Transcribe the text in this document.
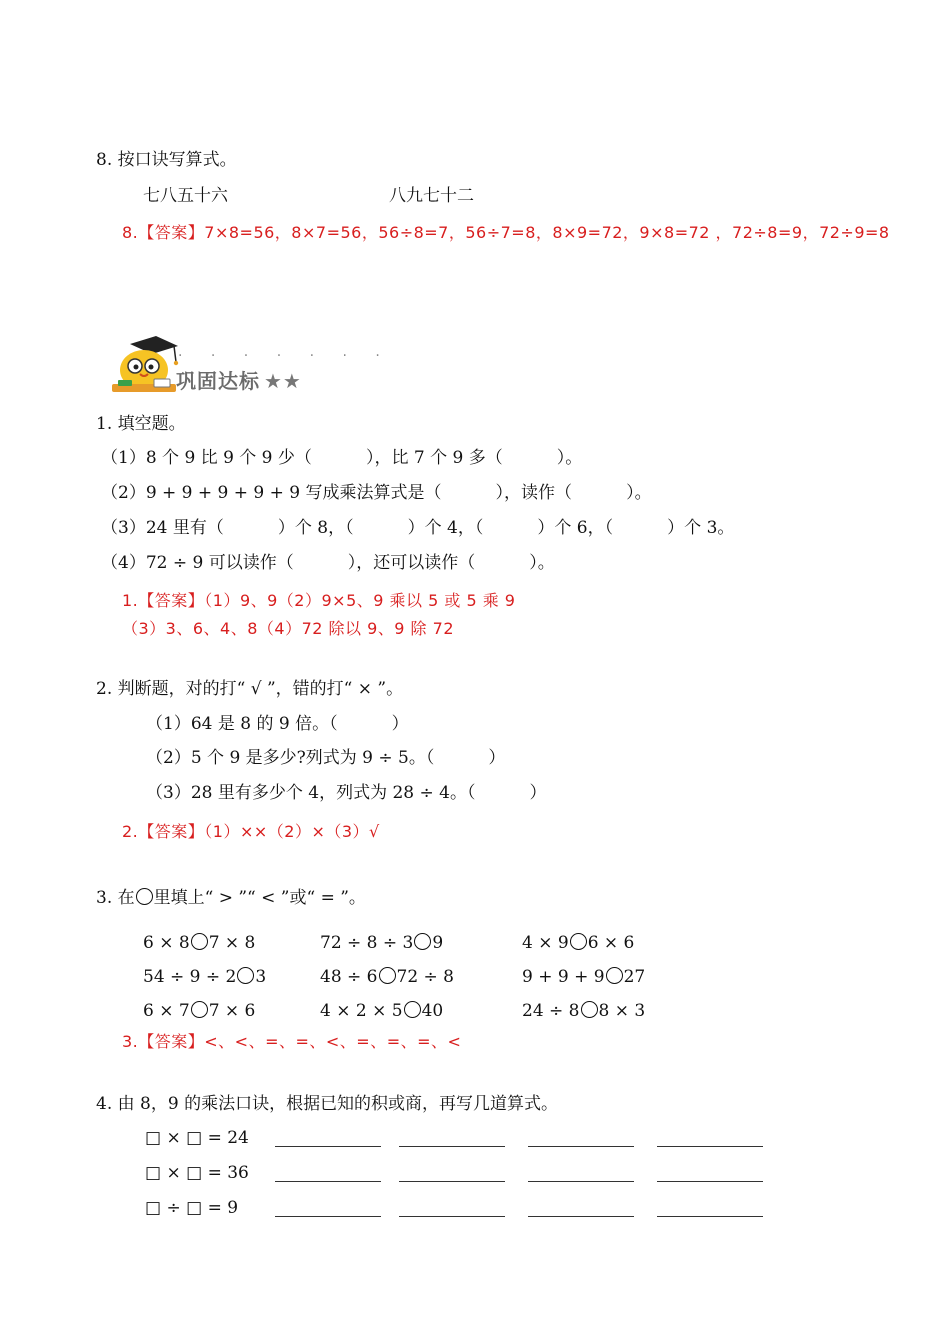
8. 按口诀写算式。
七八五十六	八九七十二
8.【答案】7×8=56，8×7=56，56÷8=7，56÷7=8，8×9=72，9×8=72 ，72÷8=9，72÷9=8
· · · · · · ·
巩固达标 ★★
1. 填空题。
（1）8 个 9 比 9 个 9 少（          ），比 7 个 9 多（          ）。
（2）9 + 9 + 9 + 9 + 9 写成乘法算式是（          ），读作（          ）。
（3）24 里有（          ）个 8，（          ）个 4，（          ）个 6，（          ）个 3。
（4）72 ÷ 9 可以读作（          ），还可以读作（          ）。
1.【答案】（1）9、9（2）9×5、9 乘以 5 或 5 乘 9
（3）3、6、4、8（4）72 除以 9、9 除 72
2. 判断题，对的打“ √ ”，错的打“ × ”。
（1）64 是 8 的 9 倍。（          ）
（2）5 个 9 是多少?列式为 9 ÷ 5。（          ）
（3）28 里有多少个 4，列式为 28 ÷ 4。（          ）
2.【答案】（1）××（2）×（3）√
3. 在 里填上“ > ”“ < ”或“ = ”。
6 × 8 7 × 8	72 ÷ 8 ÷ 3 9	4 × 9 6 × 6
54 ÷ 9 ÷ 2 3	48 ÷ 6 72 ÷ 8	9 + 9 + 9 27
6 × 7 7 × 6	4 × 2 × 5 40	24 ÷ 8 8 × 3
3.【答案】<、<、=、=、<、=、=、=、<
4. 由 8，9 的乘法口诀，根据已知的积或商，再写几道算式。
□ × □ = 24
□ × □ = 36
□ ÷ □ = 9
